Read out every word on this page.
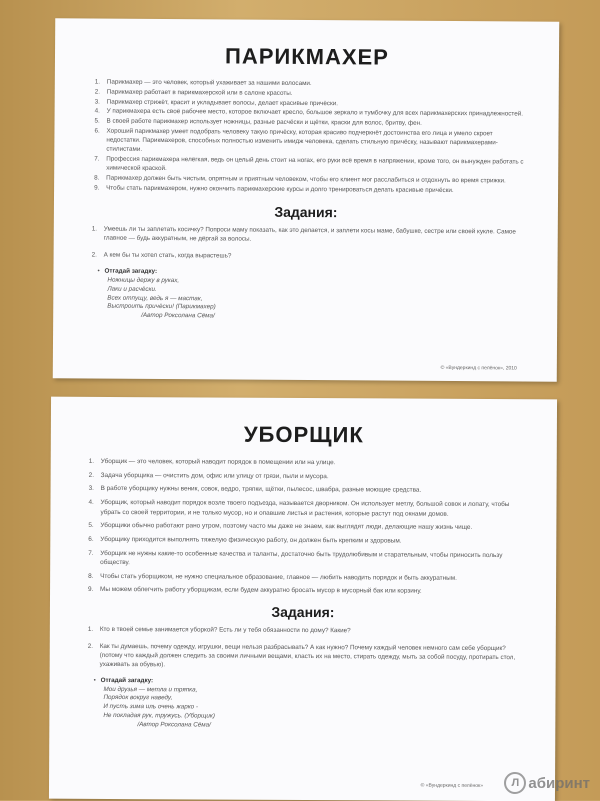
ПАРИКМАХЕР
1. Парикмахер — это человек, который ухаживает за нашими волосами.
2. Парикмахер работает в парикмахерской или в салоне красоты.
3. Парикмахер стрижёт, красит и укладывает волосы, делает красивые причёски.
4. У парикмахера есть своё рабочее место, которое включает кресло, большое зеркало и тумбочку для всех парикмахерских принадлежностей.
5. В своей работе парикмахер использует ножницы, разные расчёски и щётки, краски для волос, бритву, фен.
6. Хороший парикмахер умеет подобрать человеку такую причёску, которая красиво подчеркнёт достоинства его лица и умело скроет недостатки. Парикмахеров, способных полностью изменить имидж человека, сделать стильную причёску, называют парикмахерами-стилистами.
7. Профессия парикмахера нелёгкая, ведь он целый день стоит на ногах, его руки всё время в напряжении, кроме того, он вынужден работать с химической краской.
8. Парикмахер должен быть чистым, опрятным и приятным человеком, чтобы его клиент мог расслабиться и отдохнуть во время стрижки.
9. Чтобы стать парикмахером, нужно окончить парикмахерские курсы и долго тренироваться делать красивые причёски.
Задания:
1. Умеешь ли ты заплетать косичку? Попроси маму показать, как это делается, и заплети косы маме, бабушке, сестре или своей кукле. Самое главное — будь аккуратным, не дёргай за волосы.
2. А кем бы ты хотел стать, когда вырастешь?
• Отгадай загадку:
Ножницы держу в руках,
Лаки и расчёски.
Всех отпущу, ведь я — мастак,
Выстроить причёски! (Парикмахер)
/Автор Роксолана Сёма/
© «Вундеркинд с пелёнок», 2010
УБОРЩИК
1. Уборщик — это человек, который наводит порядок в помещении или на улице.
2. Задача уборщика — очистить дом, офис или улицу от грязи, пыли и мусора.
3. В работе уборщику нужны веник, совок, ведро, тряпки, щётки, пылесос, швабра, разные моющие средства.
4. Уборщик, который наводит порядок возле твоего подъезда, называется дворником. Он использует метлу, большой совок и лопату, чтобы убрать со своей территории, и не только мусор, но и опавшие листья и растения, которые растут под окнами домов.
5. Уборщики обычно работают рано утром, поэтому часто мы даже не знаем, как выглядят люди, делающие нашу жизнь чище.
6. Уборщику приходится выполнять тяжелую физическую работу, он должен быть крепким и здоровым.
7. Уборщик не нужны какие-то особенные качества и таланты, достаточно быть трудолюбивым и старательным, чтобы приносить пользу обществу.
8. Чтобы стать уборщиком, не нужно специальное образование, главное — любить наводить порядок и быть аккуратным.
9. Мы можем облегчить работу уборщикам, если будем аккуратно бросать мусор в мусорный бак или корзину.
Задания:
1. Кто в твоей семье занимается уборкой? Есть ли у тебя обязанности по дому? Какие?
2. Как ты думаешь, почему одежду, игрушки, вещи нельзя разбрасывать? А как нужно? Почему каждый человек немного сам себе уборщик? (потому что каждый должен следить за своими личными вещами, класть их на место, стирать одежду, мыть за собой посуду, протирать стол, ухаживать за обувью).
• Отгадай загадку:
Мои друзья — метла и тряпка,
Порядок вокруг наведу,
И пусть зима иль очень жарко -
Не покладая рук, тружусь. (Уборщик)
/Автор Роксолана Сёма/
© «Вундеркинд с пелёнок»	Л абиринт
